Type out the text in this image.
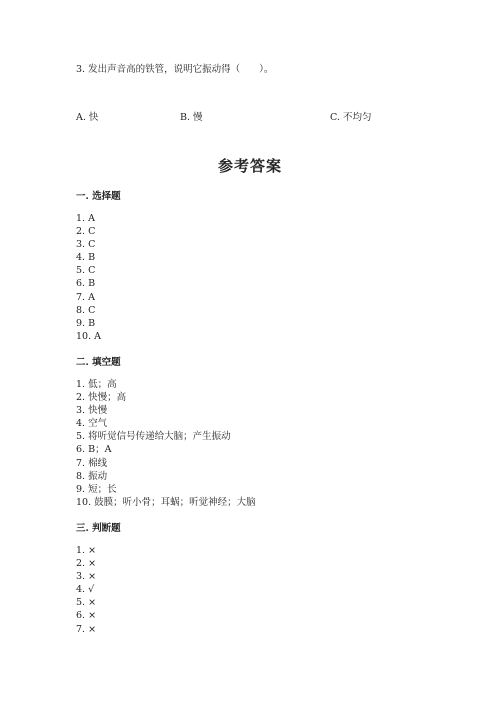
3. 发出声音高的铁管，说明它振动得（　　）。
A. 快	B. 慢	C. 不均匀
参考答案
一. 选择题
1. A
2. C
3. C
4. B
5. C
6. B
7. A
8. C
9. B
10. A
二. 填空题
1. 低；高
2. 快慢；高
3. 快慢
4. 空气
5. 将听觉信号传递给大脑；产生振动
6. B；A
7. 棉线
8. 振动
9. 短；长
10. 鼓膜；听小骨；耳蜗；听觉神经；大脑
三. 判断题
1. ×
2. ×
3. ×
4. √
5. ×
6. ×
7. ×
